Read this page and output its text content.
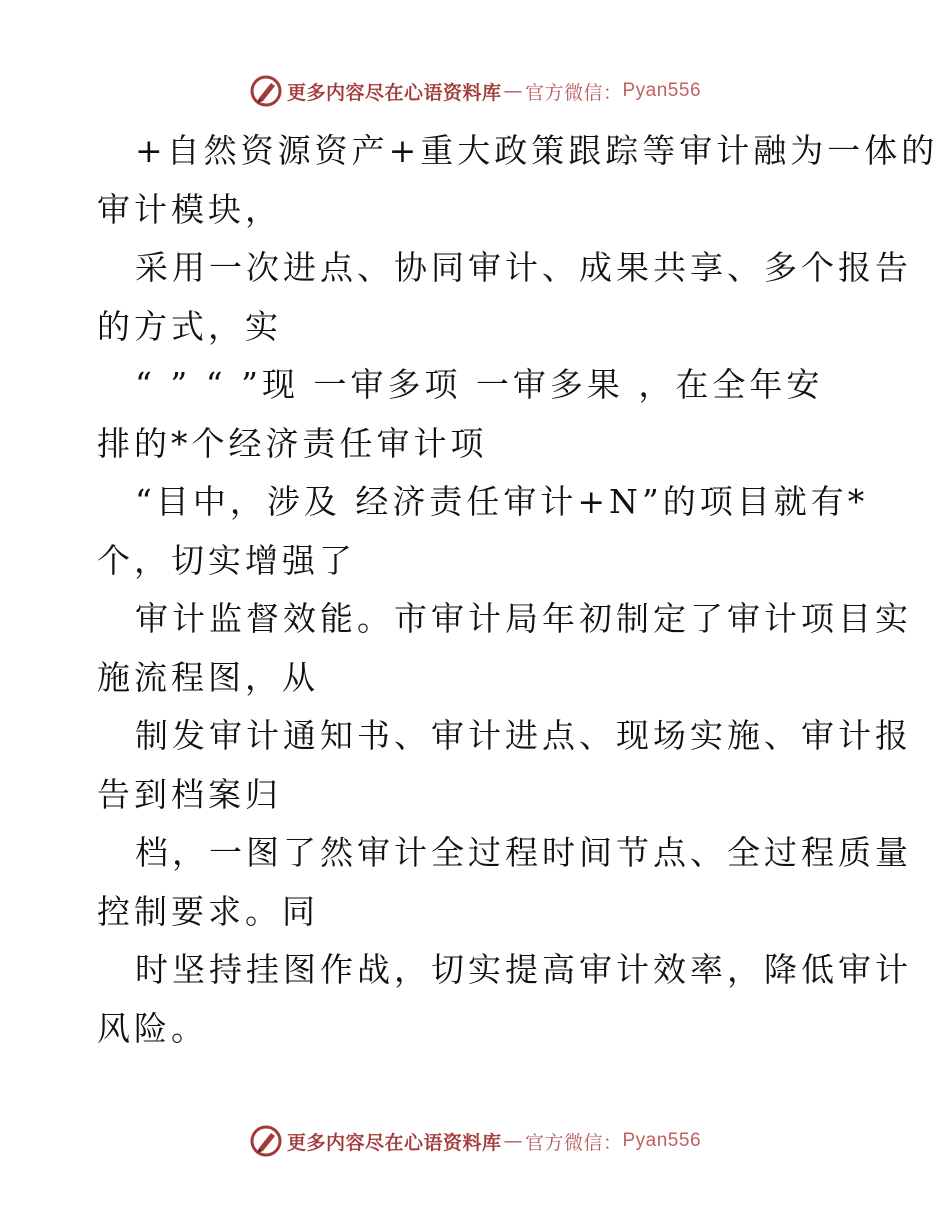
更多内容尽在心语资料库 — 官方微信： Pyan556
+自然资源资产+重大政策跟踪等审计融为一体的
审计模块，
采用一次进点、协同审计、成果共享、多个报告
的方式，实
“ ” “ ”现 一审多项 一审多果 ，在全年安
排的*个经济责任审计项
“目中，涉及 经济责任审计+N”的项目就有*
个，切实增强了
审计监督效能。市审计局年初制定了审计项目实
施流程图，从
制发审计通知书、审计进点、现场实施、审计报
告到档案归
档，一图了然审计全过程时间节点、全过程质量
控制要求。同
时坚持挂图作战，切实提高审计效率，降低审计
风险。
更多内容尽在心语资料库 — 官方微信： Pyan556
